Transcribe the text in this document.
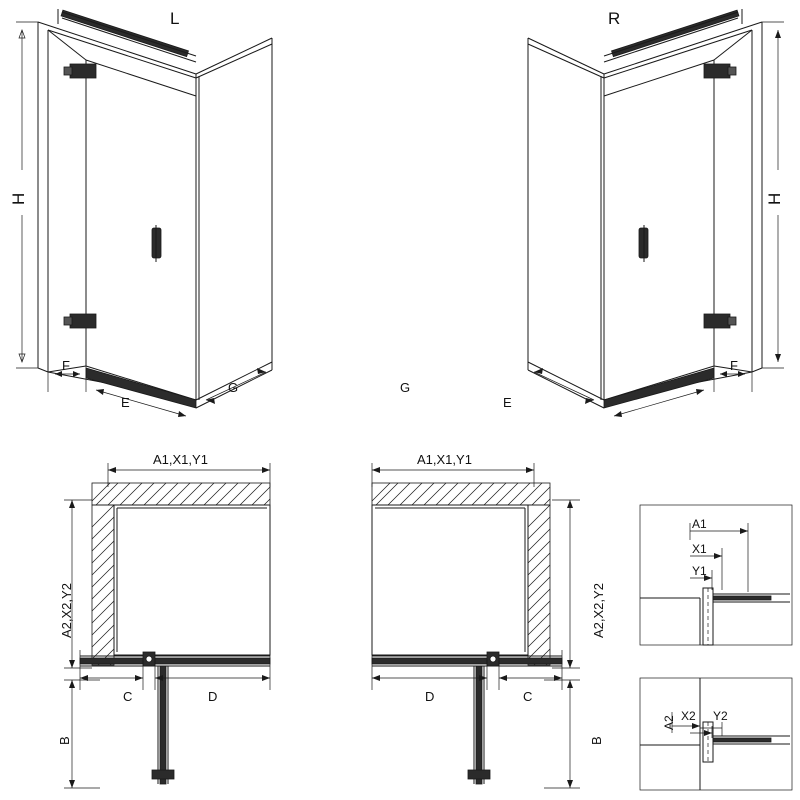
L	R
H	H
F	F
E	E
G	G
A1,X1,Y1	A1,X1,Y1
A2,X2,Y2	A2,X2,Y2
B	B
C	D	D	C
A1
X1
Y1
A2 X2 Y2
